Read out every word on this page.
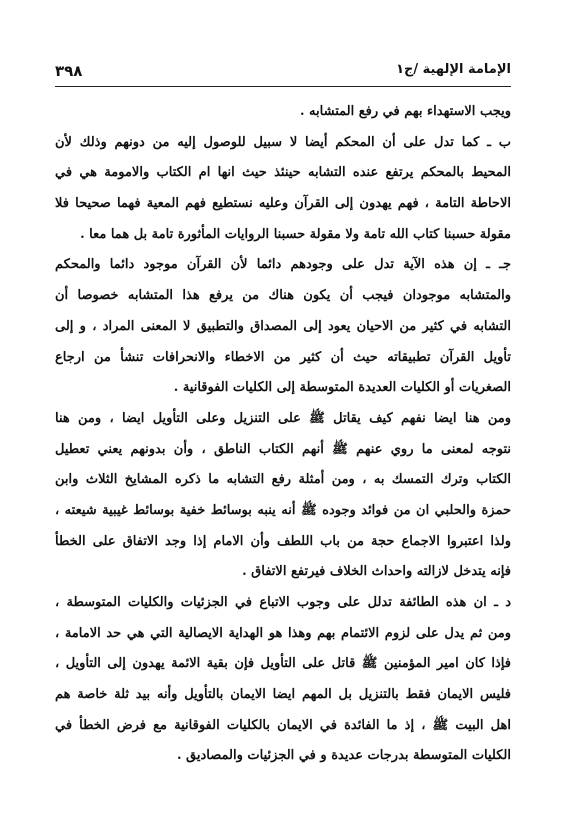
٣٩٨	الإمامة الإلهية /ج١
ويجب الاستهداء بهم في رفع المتشابه .
ب ـ كما تدل على أن المحكم أيضا لا سبيل للوصول إليه من دونهم وذلك لأن
المحيط بالمحكم يرتفع عنده التشابه حينئذ حيث انها ام الكتاب والامومة هي في
الاحاطة التامة ، فهم يهدون إلى القرآن وعليه نستطيع فهم المعية فهما صحيحا فلا
مقولة حسبنا كتاب الله تامة ولا مقولة حسبنا الروايات المأثورة تامة بل هما معا .
جـ ـ إن هذه الآية تدل على وجودهم دائما لأن القرآن موجود دائما والمحكم
والمتشابه موجودان فيجب أن يكون هناك من يرفع هذا المتشابه خصوصا أن
التشابه في كثير من الاحيان يعود إلى المصداق والتطبيق لا المعنى المراد ، و إلى
تأويل القرآن تطبيقاته حيث أن كثير من الاخطاء والانحرافات تنشأ من ارجاع
الصغريات أو الكليات العديدة المتوسطة إلى الكليات الفوقانية .
ومن هنا ايضا نفهم كيف يقاتل ﷺ على التنزيل وعلى التأويل ايضا ، ومن هنا
نتوجه لمعنى ما روي عنهم ﷺ أنهم الكتاب الناطق ، وأن بدونهم يعني تعطيل
الكتاب وترك التمسك به ، ومن أمثلة رفع التشابه ما ذكره المشايخ الثلاث وابن
حمزة والحلبي ان من فوائد وجوده ﷺ أنه ينبه بوسائط خفية بوسائط غيبية شيعته ،
ولذا اعتبروا الاجماع حجة من باب اللطف وأن الامام إذا وجد الاتفاق على الخطأ
فإنه يتدخل لازالته واحداث الخلاف فيرتفع الاتفاق .
د ـ ان هذه الطائفة تدلل على وجوب الاتباع في الجزئيات والكليات المتوسطة ،
ومن ثم يدل على لزوم الائتمام بهم وهذا هو الهداية الايصالية التي هي حد الامامة ،
فإذا كان امير المؤمنين ﷺ قاتل على التأويل فإن بقية الائمة يهدون إلى التأويل ،
فليس الايمان فقط بالتنزيل بل المهم ايضا الايمان بالتأويل وأنه بيد ثلة خاصة هم
اهل البيت ﷺ ، إذ ما الفائدة في الايمان بالكليات الفوقانية مع فرض الخطأ في
الكليات المتوسطة بدرجات عديدة و في الجزئيات والمصاديق .
